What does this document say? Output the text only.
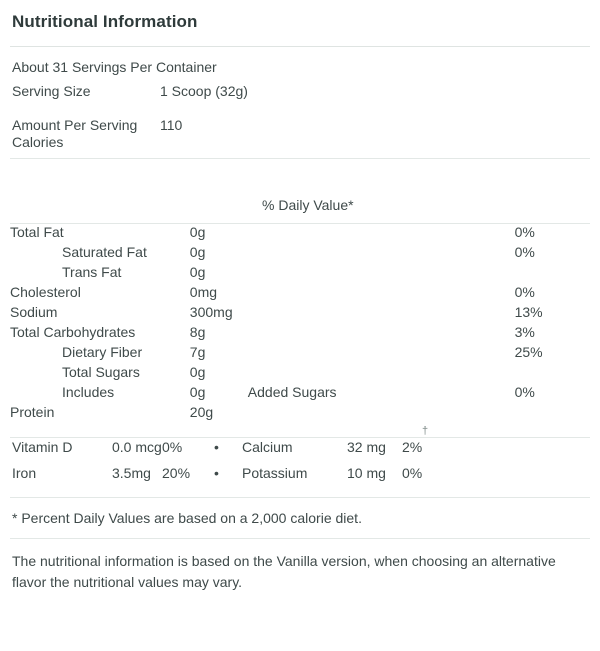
Nutritional Information
About 31 Servings Per Container
Serving Size	1 Scoop (32g)
Amount Per Serving Calories
110
% Daily Value*
Total Fat	0g		0%
Saturated Fat	0g		0%
Trans Fat	0g		
Cholesterol	0mg		0%
Sodium	300mg		13%
Total Carbohydrates	8g		3%
Dietary Fiber	7g		25%
Total Sugars	0g		
Includes	0g	Added Sugars	0%
Protein	20g		
†
Vitamin D	0.0 mcg 0%	•	Calcium	32 mg	2%
Iron	3.5mg 20%	•	Potassium	10 mg	0%
* Percent Daily Values are based on a 2,000 calorie diet.
The nutritional information is based on the Vanilla version, when choosing an alternative flavor the nutritional values may vary.
